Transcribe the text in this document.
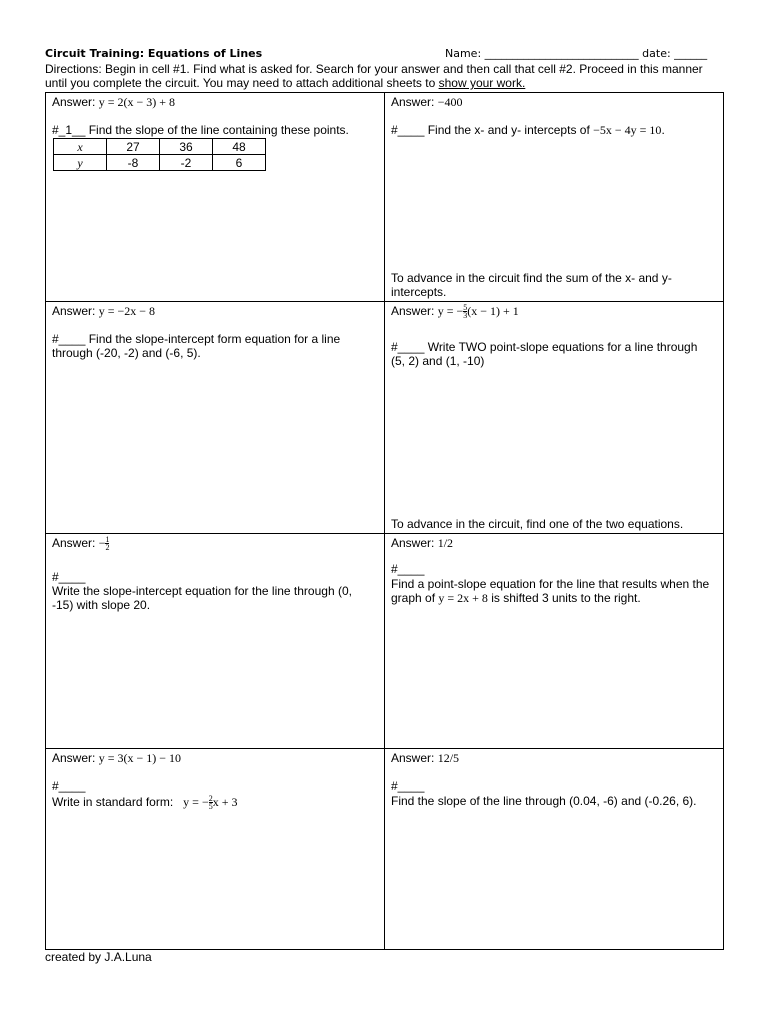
Circuit Training: Equations of Lines	Name: ____________________________ date: ______
Directions: Begin in cell #1. Find what is asked for. Search for your answer and then call that cell #2. Proceed in this manner until you complete the circuit. You may need to attach additional sheets to show your work.
Answer: y = 2(x − 3) + 8
#_1__ Find the slope of the line containing these points.
x	27	36	48
y	-8	-2	6
Answer: −400
#____ Find the x- and y- intercepts of −5x − 4y = 10.
To advance in the circuit find the sum of the x- and y- intercepts.
Answer: y = −2x − 8
#____ Find the slope-intercept form equation for a line through (-20, -2) and (-6, 5).
Answer: y = − $\frac{5}{3} (x - 1) + 1$
#____ Write TWO point-slope equations for a line through (5, 2) and (1, -10)
To advance in the circuit, find one of the two equations.
Answer: − $\frac{1}{2}$
#____
Write the slope-intercept equation for the line through (0, -15) with slope 20.
Answer: 1/2
#____
Find a point-slope equation for the line that results when the graph of y = 2x + 8 is shifted 3 units to the right.
Answer: y = 3(x − 1) − 10
#____
Write in standard form: y = − $\frac{2}{5}$ x + 3
Answer: 12/5
#____
Find the slope of the line through (0.04, -6) and (-0.26, 6).
created by J.A.Luna
